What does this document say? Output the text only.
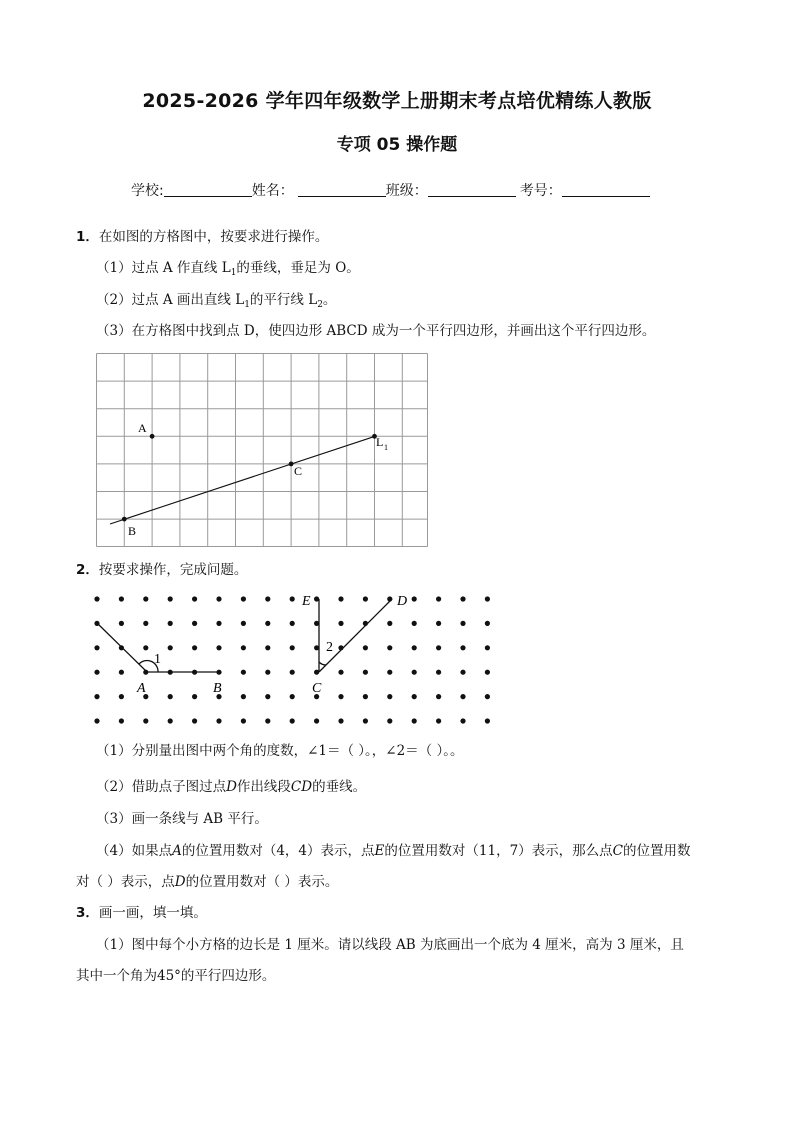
2025-2026 学年四年级数学上册期末考点培优精练人教版
专项 05 操作题
学校:	姓名：	班级：	考号：
1．在如图的方格图中，按要求进行操作。
（1）过点 A 作直线 $L_1$的垂线，垂足为 O。
（2）过点 A 画出直线 $L_1$的平行线 $L_2$。
（3）在方格图中找到点 D，使四边形 ABCD 成为一个平行四边形，并画出这个平行四边形。
A
B
C
L 1
2．按要求操作，完成问题。
E	D
A	B	C
1
2
（1）分别量出图中两个角的度数，∠1＝（ ）。，∠2＝（ ）。。
（2）借助点子图过点D作出线段CD的垂线。
（3）画一条线与 AB 平行。
（4）如果点A的位置用数对（4，4）表示，点E的位置用数对（11，7）表示，那么点C的位置用数
对（ ）表示，点D的位置用数对（ ）表示。
3．画一画，填一填。
（1）图中每个小方格的边长是 1 厘米。请以线段 AB 为底画出一个底为 4 厘米，高为 3 厘米，且
其中一个角为45°的平行四边形。
